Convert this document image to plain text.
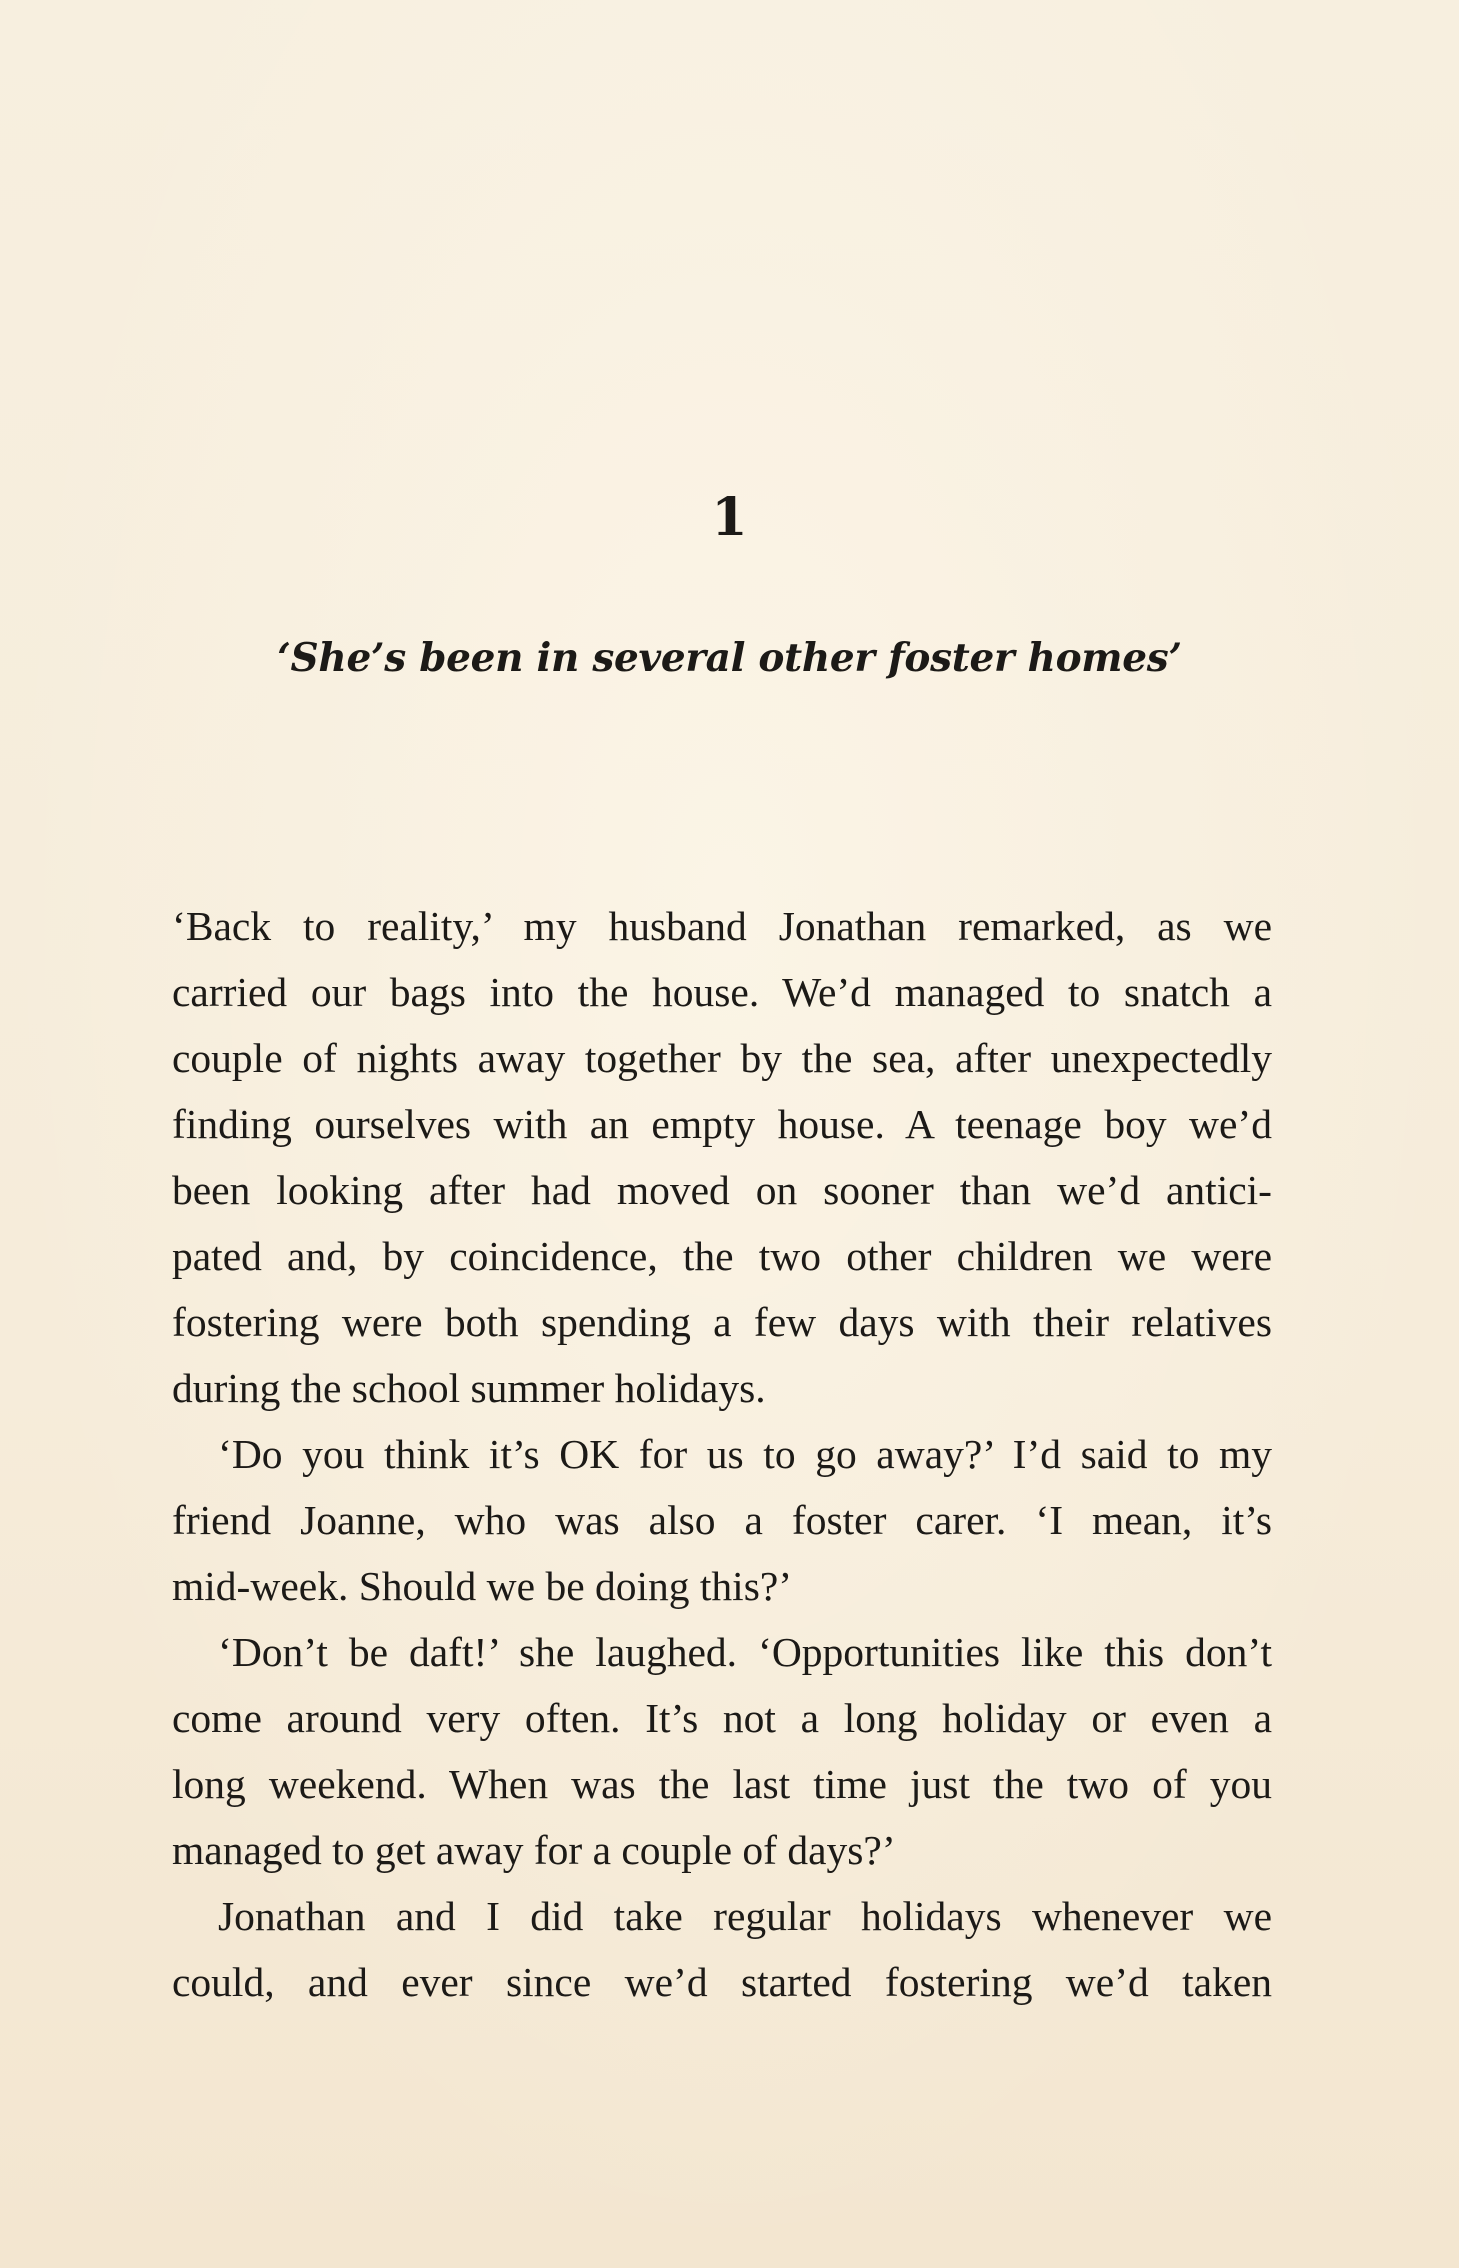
1
‘She’s been in several other foster homes’
‘Back to reality,’ my husband Jonathan remarked, as we
carried our bags into the house. We’d managed to snatch a
couple of nights away together by the sea, after unexpectedly
finding ourselves with an empty house. A teenage boy we’d
been looking after had moved on sooner than we’d antici-
pated and, by coincidence, the two other children we were
fostering were both spending a few days with their relatives
during the school summer holidays.
‘Do you think it’s OK for us to go away?’ I’d said to my
friend Joanne, who was also a foster carer. ‘I mean, it’s
mid-week. Should we be doing this?’
‘Don’t be daft!’ she laughed. ‘Opportunities like this don’t
come around very often. It’s not a long holiday or even a
long weekend. When was the last time just the two of you
managed to get away for a couple of days?’
Jonathan and I did take regular holidays whenever we
could, and ever since we’d started fostering we’d taken
